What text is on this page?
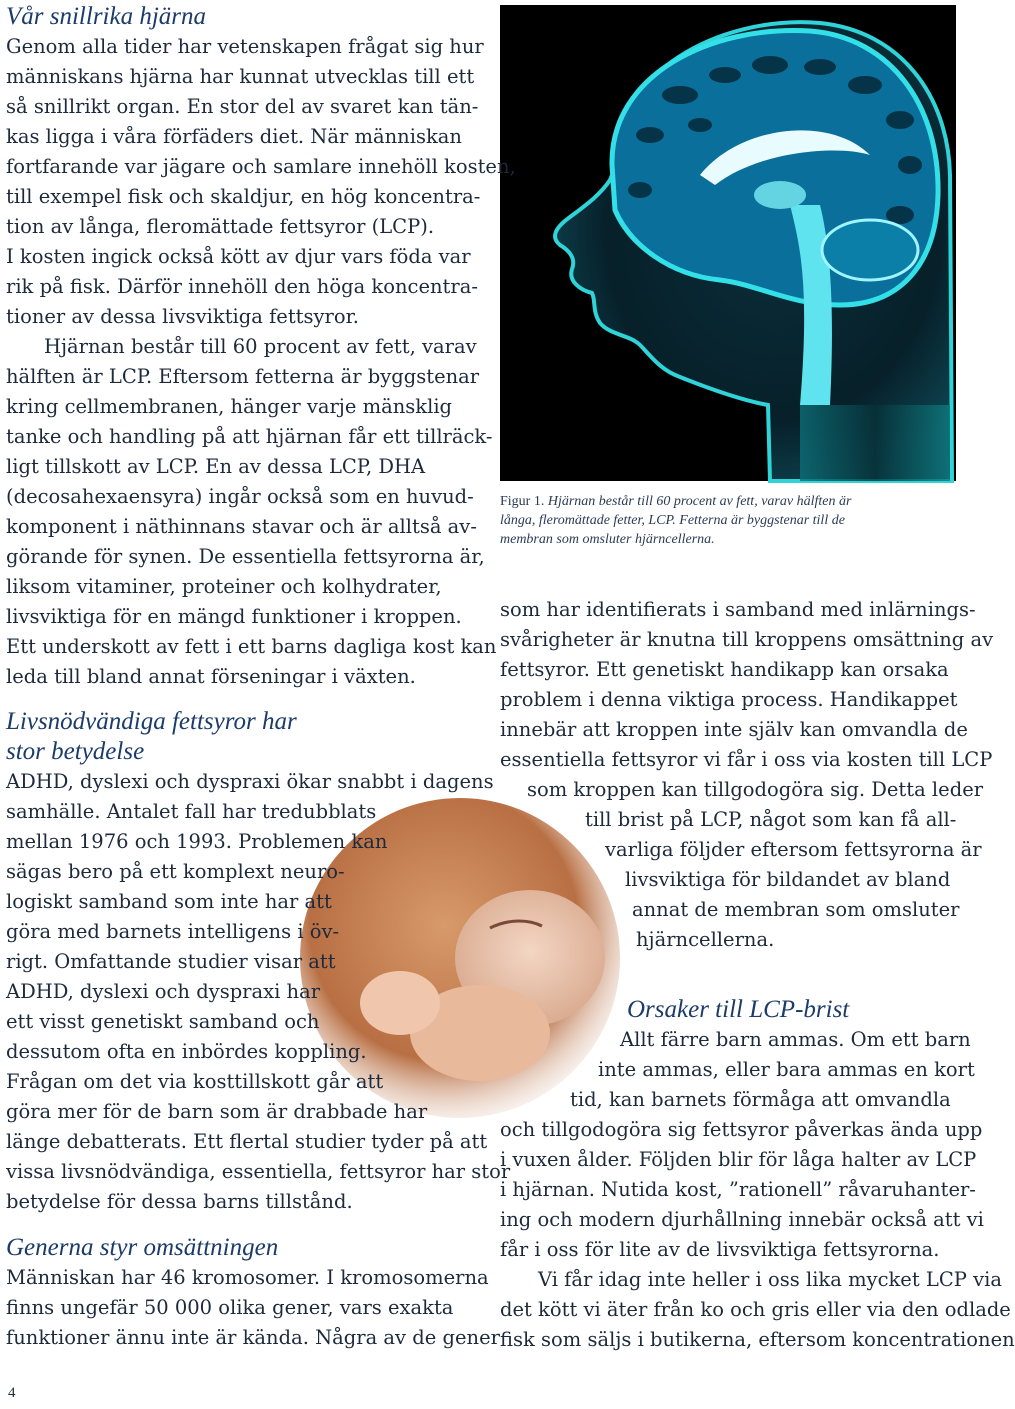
Vår snillrika hjärna
Genom alla tider har vetenskapen frågat sig hur
människans hjärna har kunnat utvecklas till ett
så snillrikt organ. En stor del av svaret kan tän-
kas ligga i våra förfäders diet. När människan
fortfarande var jägare och samlare innehöll kosten,
till exempel fisk och skaldjur, en hög koncentra-
tion av långa, fleromättade fettsyror (LCP).
I kosten ingick också kött av djur vars föda var
rik på fisk. Därför innehöll den höga koncentra-
tioner av dessa livsviktiga fettsyror.
Hjärnan består till 60 procent av fett, varav
hälften är LCP. Eftersom fetterna är byggstenar
kring cellmembranen, hänger varje mänsklig
tanke och handling på att hjärnan får ett tillräck-
ligt tillskott av LCP. En av dessa LCP, DHA
(decosahexaensyra) ingår också som en huvud-
komponent i näthinnans stavar och är alltså av-
görande för synen. De essentiella fettsyrorna är,
liksom vitaminer, proteiner och kolhydrater,
livsviktiga för en mängd funktioner i kroppen.
Ett underskott av fett i ett barns dagliga kost kan
leda till bland annat förseningar i växten.
Livsnödvändiga fettsyror har
stor betydelse
ADHD, dyslexi och dyspraxi ökar snabbt i dagens
samhälle. Antalet fall har tredubblats
mellan 1976 och 1993. Problemen kan
sägas bero på ett komplext neuro-
logiskt samband som inte har att
göra med barnets intelligens i öv-
rigt. Omfattande studier visar att
ADHD, dyslexi och dyspraxi har
ett visst genetiskt samband och
dessutom ofta en inbördes koppling.
Frågan om det via kosttillskott går att
göra mer för de barn som är drabbade har
länge debatterats. Ett flertal studier tyder på att
vissa livsnödvändiga, essentiella, fettsyror har stor
betydelse för dessa barns tillstånd.
Generna styr omsättningen
Människan har 46 kromosomer. I kromosomerna
finns ungefär 50 000 olika gener, vars exakta
funktioner ännu inte är kända. Några av de gener
Figur 1. Hjärnan består till 60 procent av fett, varav hälften är
långa, fleromättade fetter, LCP. Fetterna är byggstenar till de
membran som omsluter hjärncellerna.
som har identifierats i samband med inlärnings-
svårigheter är knutna till kroppens omsättning av
fettsyror. Ett genetiskt handikapp kan orsaka
problem i denna viktiga process. Handikappet
innebär att kroppen inte själv kan omvandla de
essentiella fettsyror vi får i oss via kosten till LCP
som kroppen kan tillgodogöra sig. Detta leder
till brist på LCP, något som kan få all-
varliga följder eftersom fettsyrorna är
livsviktiga för bildandet av bland
annat de membran som omsluter
hjärncellerna.
Orsaker till LCP-brist
Allt färre barn ammas. Om ett barn
inte ammas, eller bara ammas en kort
tid, kan barnets förmåga att omvandla
och tillgodogöra sig fettsyror påverkas ända upp
i vuxen ålder. Följden blir för låga halter av LCP
i hjärnan. Nutida kost, ”rationell” råvaruhanter-
ing och modern djurhållning innebär också att vi
får i oss för lite av de livsviktiga fettsyrorna.
Vi får idag inte heller i oss lika mycket LCP via
det kött vi äter från ko och gris eller via den odlade
fisk som säljs i butikerna, eftersom koncentrationen
4
